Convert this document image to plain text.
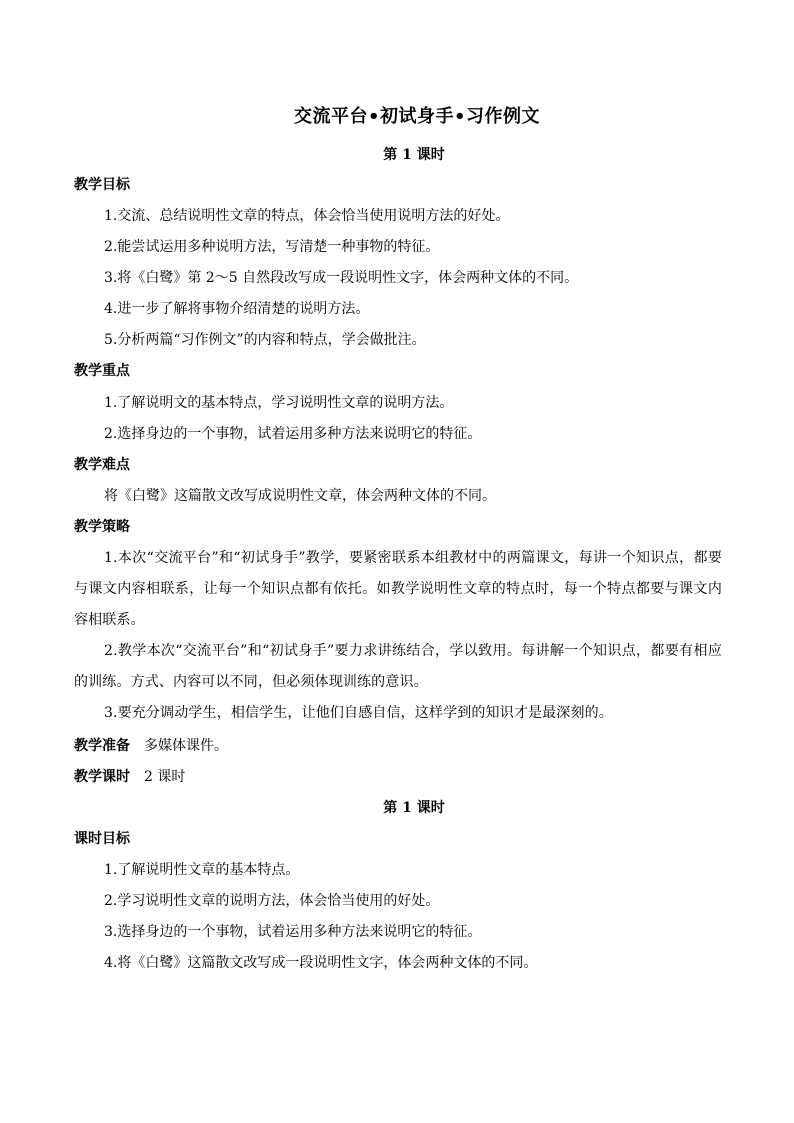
交流平台•初试身手•习作例文
第 1 课时
教学目标
1.交流、总结说明性文章的特点，体会恰当使用说明方法的好处。
2.能尝试运用多种说明方法，写清楚一种事物的特征。
3.将《白鹭》第 2～5 自然段改写成一段说明性文字，体会两种文体的不同。
4.进一步了解将事物介绍清楚的说明方法。
5.分析两篇“习作例文”的内容和特点，学会做批注。
教学重点
1.了解说明文的基本特点，学习说明性文章的说明方法。
2.选择身边的一个事物，试着运用多种方法来说明它的特征。
教学难点
将《白鹭》这篇散文改写成说明性文章，体会两种文体的不同。
教学策略
1.本次“交流平台”和“初试身手”教学，要紧密联系本组教材中的两篇课文，每讲一个知识点，都要与课文内容相联系，让每一个知识点都有依托。如教学说明性文章的特点时，每一个特点都要与课文内容相联系。
2.教学本次“交流平台”和“初试身手”要力求讲练结合，学以致用。每讲解一个知识点，都要有相应的训练。方式、内容可以不同，但必须体现训练的意识。
3.要充分调动学生，相信学生，让他们自感自信，这样学到的知识才是最深刻的。
教学准备 多媒体课件。
教学课时 2 课时
第 1 课时
课时目标
1.了解说明性文章的基本特点。
2.学习说明性文章的说明方法，体会恰当使用的好处。
3.选择身边的一个事物，试着运用多种方法来说明它的特征。
4.将《白鹭》这篇散文改写成一段说明性文字，体会两种文体的不同。
